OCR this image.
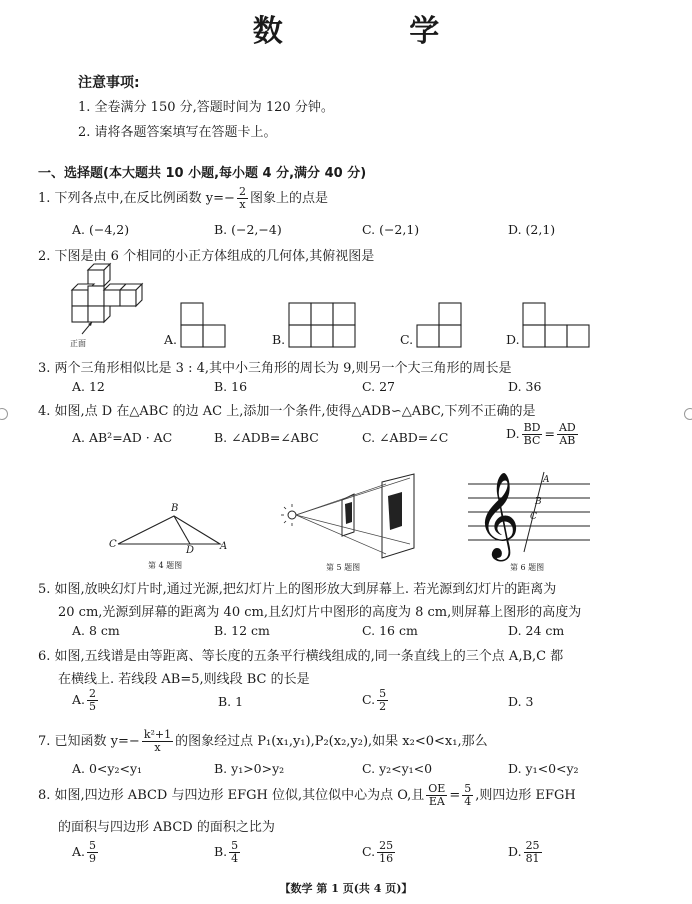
数 学
注意事项:
1. 全卷满分 150 分,答题时间为 120 分钟。
2. 请将各题答案填写在答题卡上。
一、选择题(本大题共 10 小题,每小题 4 分,满分 40 分)
1. 下列各点中,在反比例函数 $y=- \frac{2}{x}$ 图象上的点是
A. (−4,2)	B. (−2,−4)	C. (−2,1)	D. (2,1)
2. 下图是由 6 个相同的小正方体组成的几何体,其俯视图是
正面	A.	B.	C.	D.
3. 两个三角形相似比是 3 : 4,其中小三角形的周长为 9,则另一个大三角形的周长是
A. 12	B. 16	C. 27	D. 36
4. 如图,点 D 在△ABC 的边 AC 上,添加一个条件,使得△ADB∽△ABC,下列不正确的是
A. AB²=AD · AC	B. ∠ADB=∠ABC	C. ∠ABD=∠C	D. $\frac{BD}{BC} = \frac{AD}{AB}$
B
C
D	A
第 4 题图	第 5 题图
𝄞	A
B
C
第 6 题图
5. 如图,放映幻灯片时,通过光源,把幻灯片上的图形放大到屏幕上. 若光源到幻灯片的距离为
20 cm,光源到屏幕的距离为 40 cm,且幻灯片中图形的高度为 8 cm,则屏幕上图形的高度为
A. 8 cm	B. 12 cm	C. 16 cm	D. 24 cm
6. 如图,五线谱是由等距离、等长度的五条平行横线组成的,同一条直线上的三个点 A,B,C 都
在横线上. 若线段 AB=5,则线段 BC 的长是
A. $\frac{2}{5}$	B. 1	C. $\frac{5}{2}$	D. 3
7. 已知函数 $y=- \frac{\text{k²+1}}{x}$ 的图象经过点 P₁(x₁,y₁),P₂(x₂,y₂),如果 x₂<0<x₁,那么
A. 0<y₂<y₁	B. y₁>0>y₂	C. y₂<y₁<0	D. y₁<0<y₂
8. 如图,四边形 ABCD 与四边形 EFGH 位似,其位似中心为点 O,且 $\frac{OE}{EA} = \frac{5}{4}$ ,则四边形 EFGH
的面积与四边形 ABCD 的面积之比为
A. $\frac{5}{9}$	B. $\frac{5}{4}$	C. $\frac{25}{16}$	D. $\frac{25}{81}$
【数学 第 1 页(共 4 页)】
